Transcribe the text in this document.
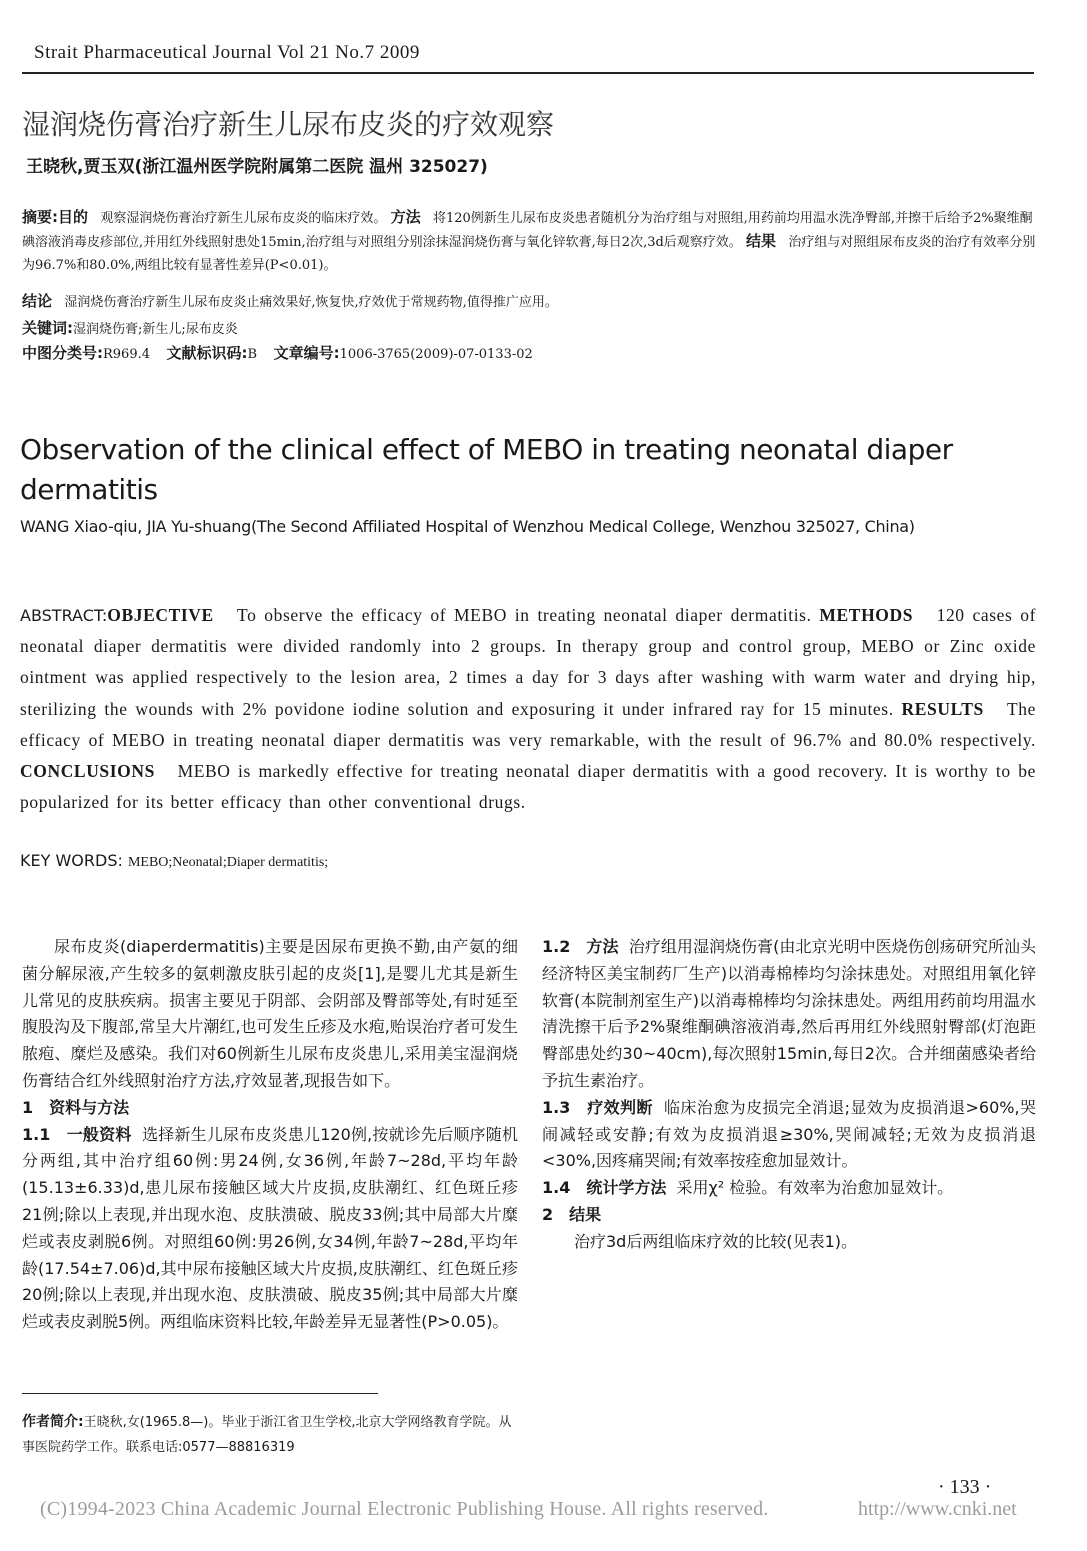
Strait Pharmaceutical Journal Vol 21 No.7 2009
湿润烧伤膏治疗新生儿尿布皮炎的疗效观察
王晓秋,贾玉双(浙江温州医学院附属第二医院 温州 325027)
摘要:目的 观察湿润烧伤膏治疗新生儿尿布皮炎的临床疗效。 方法 将120例新生儿尿布皮炎患者随机分为治疗组与对照组,用药前均用温水洗净臀部,并擦干后给予2%聚维酮碘溶液消毒皮疹部位,并用红外线照射患处15min,治疗组与对照组分别涂抹湿润烧伤膏与氧化锌软膏,每日2次,3d后观察疗效。 结果 治疗组与对照组尿布皮炎的治疗有效率分别为96.7%和80.0%,两组比较有显著性差异(P<0.01)。
结论 湿润烧伤膏治疗新生儿尿布皮炎止痛效果好,恢复快,疗效优于常规药物,值得推广应用。
关键词:湿润烧伤膏;新生儿;尿布皮炎
中图分类号:R969.4 文献标识码:B 文章编号:1006-3765(2009)-07-0133-02
Observation of the clinical effect of MEBO in treating neonatal diaper dermatitis
WANG Xiao-qiu, JIA Yu-shuang(The Second Affiliated Hospital of Wenzhou Medical College, Wenzhou 325027, China)
ABSTRACT:OBJECTIVE To observe the efficacy of MEBO in treating neonatal diaper dermatitis. METHODS 120 cases of neonatal diaper dermatitis were divided randomly into 2 groups. In therapy group and control group, MEBO or Zinc oxide ointment was applied respectively to the lesion area, 2 times a day for 3 days after washing with warm water and drying hip, sterilizing the wounds with 2% povidone iodine solution and exposuring it under infrared ray for 15 minutes. RESULTS The efficacy of MEBO in treating neonatal diaper dermatitis was very remarkable, with the result of 96.7% and 80.0% respectively. CONCLUSIONS MEBO is markedly effective for treating neonatal diaper dermatitis with a good recovery. It is worthy to be popularized for its better efficacy than other conventional drugs.
KEY WORDS: MEBO;Neonatal;Diaper dermatitis;

尿布皮炎(diaperdermatitis)主要是因尿布更换不勤,由产氨的细菌分解尿液,产生较多的氨刺激皮肤引起的皮炎[1],是婴儿尤其是新生儿常见的皮肤疾病。损害主要见于阴部、会阴部及臀部等处,有时延至腹股沟及下腹部,常呈大片潮红,也可发生丘疹及水疱,贻误治疗者可发生脓疱、糜烂及感染。我们对60例新生儿尿布皮炎患儿,采用美宝湿润烧伤膏结合红外线照射治疗方法,疗效显著,现报告如下。

1　资料与方法

1.1　一般资料 选择新生儿尿布皮炎患儿120例,按就诊先后顺序随机分两组,其中治疗组60例:男24例,女36例,年龄7~28d,平均年龄(15.13±6.33)d,患儿尿布接触区域大片皮损,皮肤潮红、红色斑丘疹21例;除以上表现,并出现水泡、皮肤溃破、脱皮33例;其中局部大片糜烂或表皮剥脱6例。对照组60例:男26例,女34例,年龄7~28d,平均年龄(17.54±7.06)d,其中尿布接触区域大片皮损,皮肤潮红、红色斑丘疹20例;除以上表现,并出现水泡、皮肤溃破、脱皮35例;其中局部大片糜烂或表皮剥脱5例。两组临床资料比较,年龄差异无显著性(P>0.05)。

1.2　方法 治疗组用湿润烧伤膏(由北京光明中医烧伤创疡研究所汕头经济特区美宝制药厂生产)以消毒棉棒均匀涂抹患处。对照组用氧化锌软膏(本院制剂室生产)以消毒棉棒均匀涂抹患处。两组用药前均用温水清洗擦干后予2%聚维酮碘溶液消毒,然后再用红外线照射臀部(灯泡距臀部患处约30~40cm),每次照射15min,每日2次。合并细菌感染者给予抗生素治疗。

1.3　疗效判断 临床治愈为皮损完全消退;显效为皮损消退>60%,哭闹减轻或安静;有效为皮损消退≥30%,哭闹减轻;无效为皮损消退<30%,因疼痛哭闹;有效率按痊愈加显效计。

1.4　统计学方法 采用χ² 检验。有效率为治愈加显效计。

2　结果

治疗3d后两组临床疗效的比较(见表1)。

作者简介:王晓秋,女(1965.8—)。毕业于浙江省卫生学校,北京大学网络教育学院。从事医院药学工作。联系电话:0577—88816319
· 133 ·
(C)1994-2023 China Academic Journal Electronic Publishing House. All rights reserved.	http://www.cnki.net
